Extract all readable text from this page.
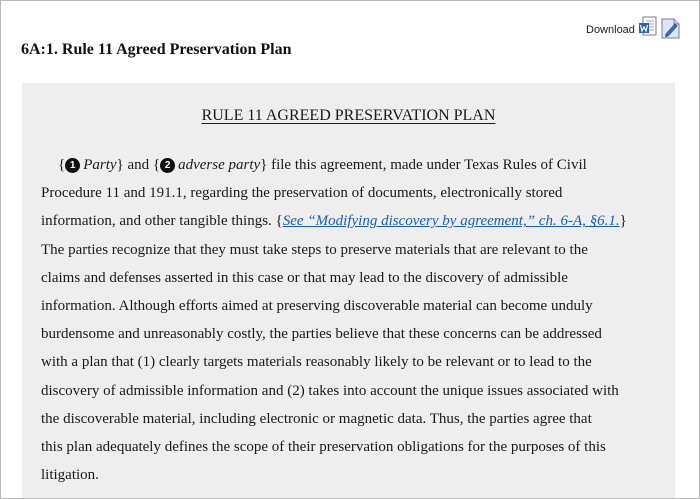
6A:1. Rule 11 Agreed Preservation Plan
Download
RULE 11 AGREED PRESERVATION PLAN
{ 1 Party} and { 2 adverse party} file this agreement, made under Texas Rules of Civil
Procedure 11 and 191.1, regarding the preservation of documents, electronically stored
information, and other tangible things. {See “Modifying discovery by agreement,” ch. 6-A, §6.1.}
The parties recognize that they must take steps to preserve materials that are relevant to the
claims and defenses asserted in this case or that may lead to the discovery of admissible
information. Although efforts aimed at preserving discoverable material can become unduly
burdensome and unreasonably costly, the parties believe that these concerns can be addressed
with a plan that (1) clearly targets materials reasonably likely to be relevant or to lead to the
discovery of admissible information and (2) takes into account the unique issues associated with
the discoverable material, including electronic or magnetic data. Thus, the parties agree that
this plan adequately defines the scope of their preservation obligations for the purposes of this
litigation.
